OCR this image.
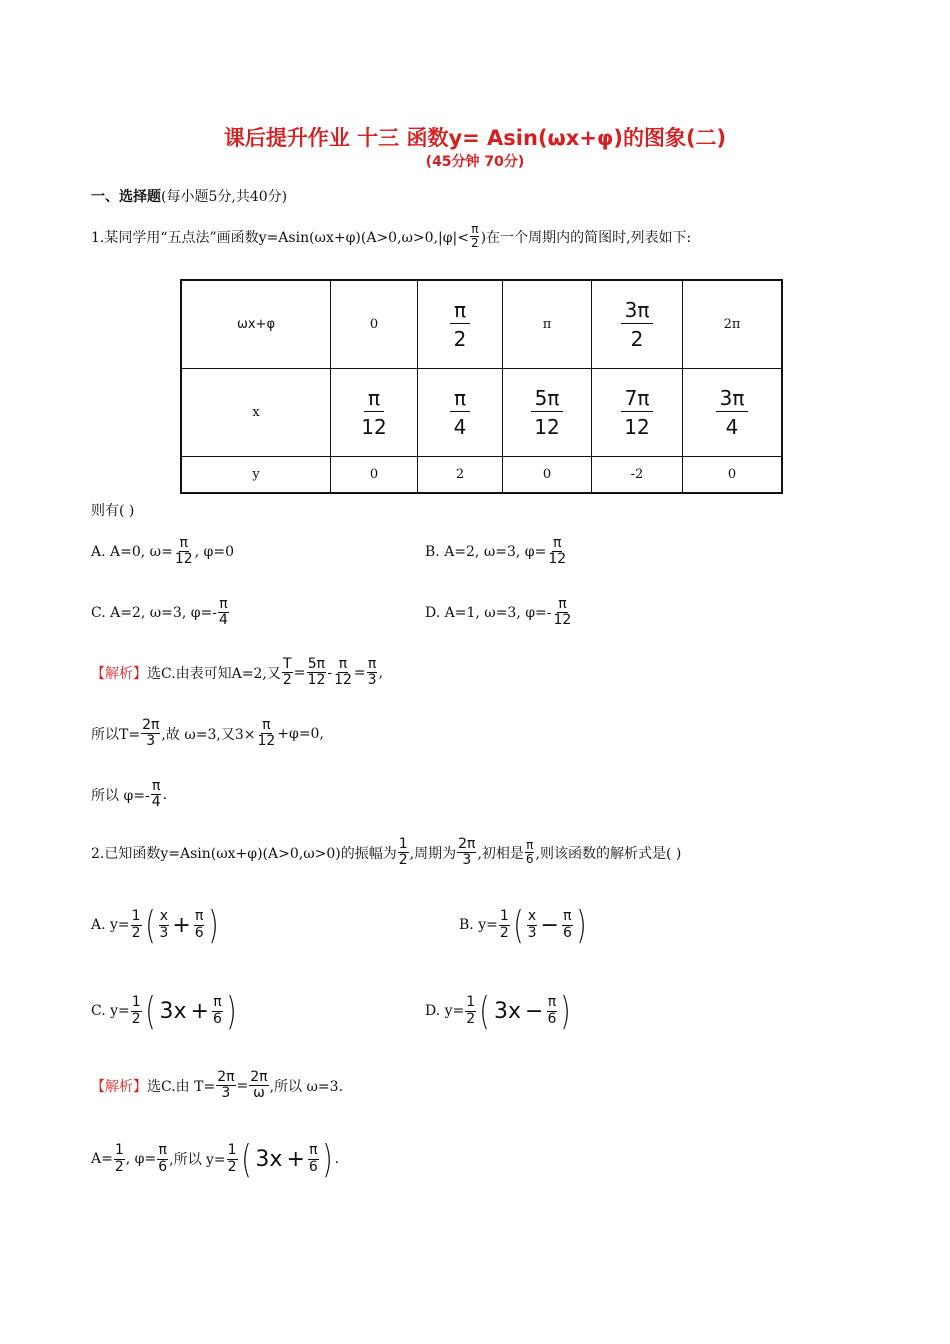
课后提升作业 十三 函数y= Asin(ωx+φ)的图象(二)
(45分钟 70分)
一、选择题(每小题5分,共40分)
1.某同学用“五点法”画函数$y=Asin(\omega x+\varphi)(A>0,\omega>0,|\varphi|< \frac{\pi}{2}$ )在一个周期内的简图时,列表如下:
ωx+φ	0	$\frac{\pi}{2}$	π	$\frac{3\pi}{2}$	2π
x	$\frac{\pi}{12}$	$\frac{\pi}{4}$	$\frac{5\pi}{12}$	$\frac{7\pi}{12}$	$\frac{3\pi}{4}$

y	0	2	0	-2	0
则有( )
A. A=0, $\omega= \frac{\pi}{12}$ , φ=0	B. A=2, ω=3, $\varphi= \frac{\pi}{12}$
C. A=2, ω=3, $\varphi=- \frac{\pi}{4}$	D. A=1, ω=3, $\varphi=- \frac{\pi}{12}$
【解析】 选C.由表可知A=2,又 $\frac{T}{2} = \frac{5\pi}{12} - \frac{\pi}{12} = \frac{\pi}{3}$ ,
所以$T= \frac{2\pi}{3}$ ,故 ω=3,又$3\times \frac{\pi}{12} +\varphi=0$,
所以 $\varphi=- \frac{\pi}{4}$ .
2.已知函数y=Asin(ωx+φ)(A>0,ω>0)的振幅为 $\frac{1}{2}$ ,周期为 $\frac{2\pi}{3}$ ,初相是 $\frac{\pi}{6}$ ,则该函数的解析式是( )
A. $y= \frac{1}{2}$ ( $\frac{x}{3} + \frac{\pi}{6}$ )	B. $y= \frac{1}{2}$ ( $\frac{x}{3} - \frac{\pi}{6}$ )
C. $y= \frac{1}{2}$ ( $3x + \frac{\pi}{6}$ )	D. $y= \frac{1}{2}$ ( $3x - \frac{\pi}{6}$ )
【解析】 选C.由 $T= \frac{2\pi}{3} = \frac{2\pi}{\omega}$ ,所以 ω=3.
$A= \frac{1}{2}$ , $\varphi= \frac{\pi}{6}$ ,所以 $y= \frac{1}{2}$ ( $3x + \frac{\pi}{6}$ ) .
